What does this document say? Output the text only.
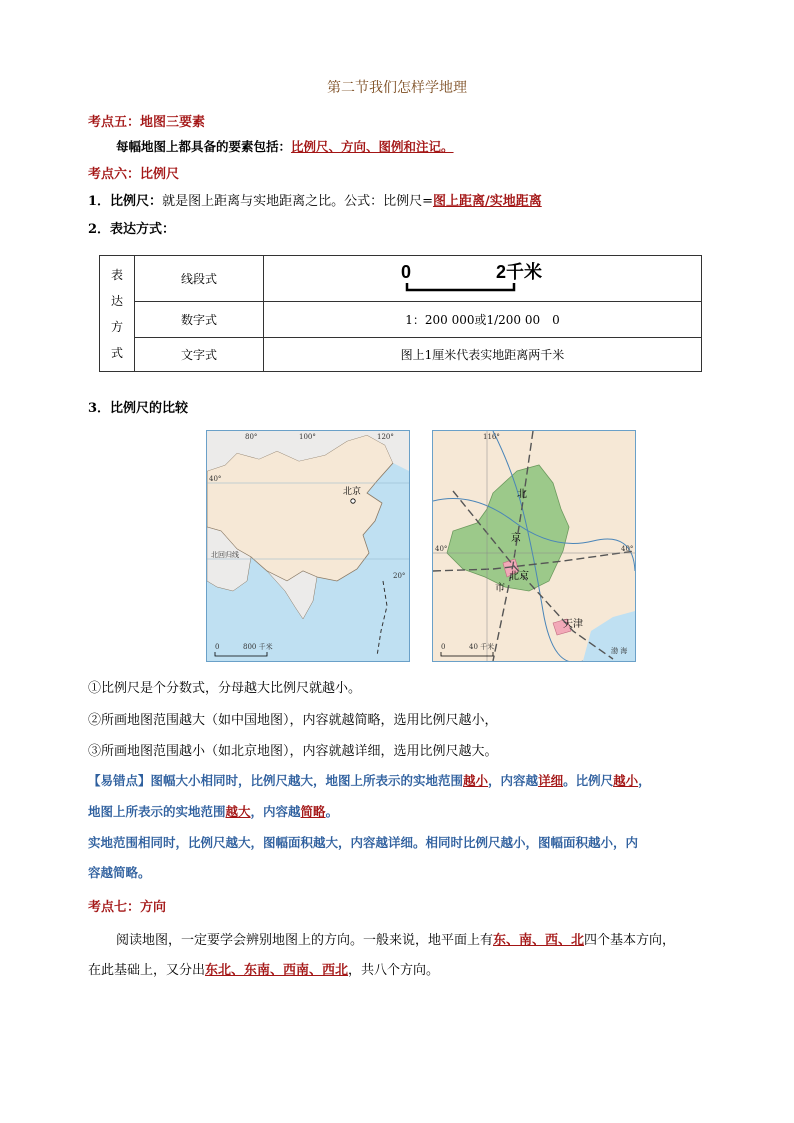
第二节我们怎样学地理
考点五：地图三要素
每幅地图上都具备的要素包括：比例尺、方向、图例和注记。
考点六：比例尺
1．比例尺：就是图上距离与实地距离之比。公式：比例尺=图上距离/实地距离
2．表达方式：
表
达
方
式	线段式	0 2千米

	数字式	1：200 000或1/200 00　0
	文字式	图上1厘米代表实地距离两千米
3．比例尺的比较
北京
80°	100°	120°
40°
20°
北回归线
0	800 千米
116°
40°	40°
北
京
市
北京
天津
渤 海
0	40 千米
①比例尺是个分数式，分母越大比例尺就越小。
②所画地图范围越大（如中国地图），内容就越简略，选用比例尺越小，
③所画地图范围越小（如北京地图），内容就越详细，选用比例尺越大。
【易错点】图幅大小相同时，比例尺越大，地图上所表示的实地范围越小，内容越详细。比例尺越小，
地图上所表示的实地范围越大，内容越简略。
实地范围相同时，比例尺越大，图幅面积越大，内容越详细。相同时比例尺越小，图幅面积越小，内
容越简略。
考点七：方向
阅读地图，一定要学会辨别地图上的方向。一般来说，地平面上有东、南、西、北四个基本方向，
在此基础上，又分出东北、东南、西南、西北，共八个方向。
